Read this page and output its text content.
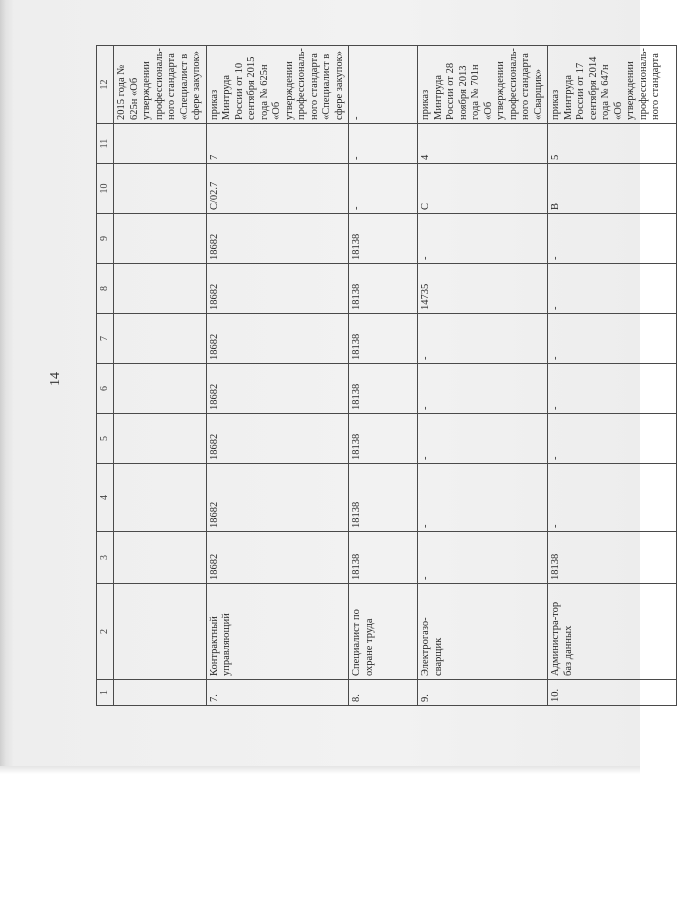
14
1	2	3	4	5	6	7	8	9	10	11	12
											2015 года № 625н «Об утверждении профессиональ-ного стандарта «Специалист в сфере закупок»
7.	Контрактный управляющий	18682	18682	18682	18682	18682	18682	18682	С/02.7	7	приказ Минтруда России от 10 сентября 2015 года № 625н «Об утверждении профессиональ-ного стандарта «Специалист в сфере закупок»
8.	Специалист по охране труда	18138	18138	18138	18138	18138	18138	18138	-	-	-
9.	Электрогазо-сварщик	-	-	-	-	-	14735	-	С	4	приказ Минтруда России от 28 ноября 2013 года № 701н «Об утверждении профессиональ-ного стандарта «Сварщик»
10.	Администра-тор баз данных	18138	-	-	-	-	-	-	В	5	приказ Минтруда России от 17 сентября 2014 года № 647н «Об утверждении профессиональ-ного стандарта
